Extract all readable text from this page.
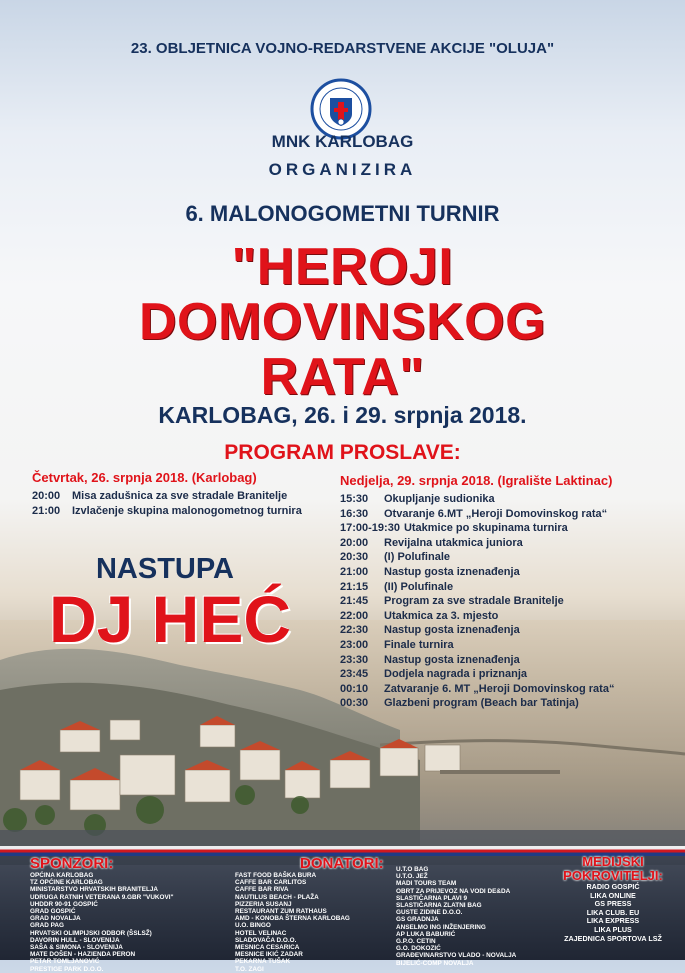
23. OBLJETNICA VOJNO-REDARSTVENE AKCIJE "OLUJA"
MNK KARLOBAG
ORGANIZIRA
6. MALONOGOMETNI TURNIR
"HEROJI
DOMOVINSKOG
RATA"
KARLOBAG, 26. i 29. srpnja 2018.
PROGRAM PROSLAVE:
Četvrtak, 26. srpnja 2018. (Karlobag)
20:00 Misa zadušnica za sve stradale Branitelje
21:00 Izvlačenje skupina malonogometnog turnira
Nedjelja, 29. srpnja 2018. (Igralište Laktinac)
15:30 Okupljanje sudionika
16:30 Otvaranje 6.MT „Heroji Domovinskog rata“
17:00-19:30 Utakmice po skupinama turnira
20:00 Revijalna utakmica juniora
20:30 (I) Polufinale
21:00 Nastup gosta iznenađenja
21:15 (II) Polufinale
21:45 Program za sve stradale Branitelje
22:00 Utakmica za 3. mjesto
22:30 Nastup gosta iznenađenja
23:00 Finale turnira
23:30 Nastup gosta iznenađenja
23:45 Dodjela nagrada i priznanja
00:10 Zatvaranje 6. MT „Heroji Domovinskog rata“
00:30 Glazbeni program (Beach bar Tatinja)
NASTUPA
DJ HEĆ
SPONZORI:
OPĆINA KARLOBAG
TZ OPĆINE KARLOBAG
MINISTARSTVO HRVATSKIH BRANITELJA
UDRUGA RATNIH VETERANA 9.GBR "VUKOVI"
UHDDR 90-91 GOSPIĆ
GRAD GOSPIĆ
GRAD NOVALJA
GRAD PAG
HRVATSKI OLIMPIJSKI ODBOR (ŠSLSŽ)
DAVORIN HULL - SLOVENIJA
SAŠA & SIMONA - SLOVENIJA
MATE DOŠEN - HAZIENDA PERON
PETAR TOMLJANOVIĆ
PRESTIGE PARK D.O.O.
DONATORI:
FAST FOOD BAŠKA BURA
CAFFE BAR CARLITOS
CAFFE BAR RIVA
NAUTILUS BEACH - PLAŽA
PIZZERIA SUSANJ
RESTAURANT ZUM RATHAUS
AMD - KONOBA ŠTERNA KARLOBAG
U.O. BINGO
HOTEL VELINAC
SLADOVAČA D.O.O.
MESNICA CESARICA
MESNICE IKIĆ ZADAR
PEKARNA TUŠAK
T.O. ZAGI
U.T.O BAG
U.T.O. JEŽ
MADI TOURS TEAM
OBRT ZA PRIJEVOZ NA VODI DE&DA
SLASTIČARNA PLAVI 9
SLASTIČARNA ZLATNI BAG
GUSTE ZIDINE D.O.O.
GS GRADNJA
ANSELMO ING INŽENJERING
AP LUKA BABURIĆ
G.P.O. CETIN
G.O. DOKOZIĆ
GRAĐEVINARSTVO VLADO - NOVALJA
BIJELIĆ-COMP NOVALJA
MEDIJSKI
POKROVITELJI:
RADIO GOSPIĆ
LIKA ONLINE
GS PRESS
LIKA CLUB. EU
LIKA EXPRESS
LIKA PLUS
ZAJEDNICA SPORTOVA LSŽ
